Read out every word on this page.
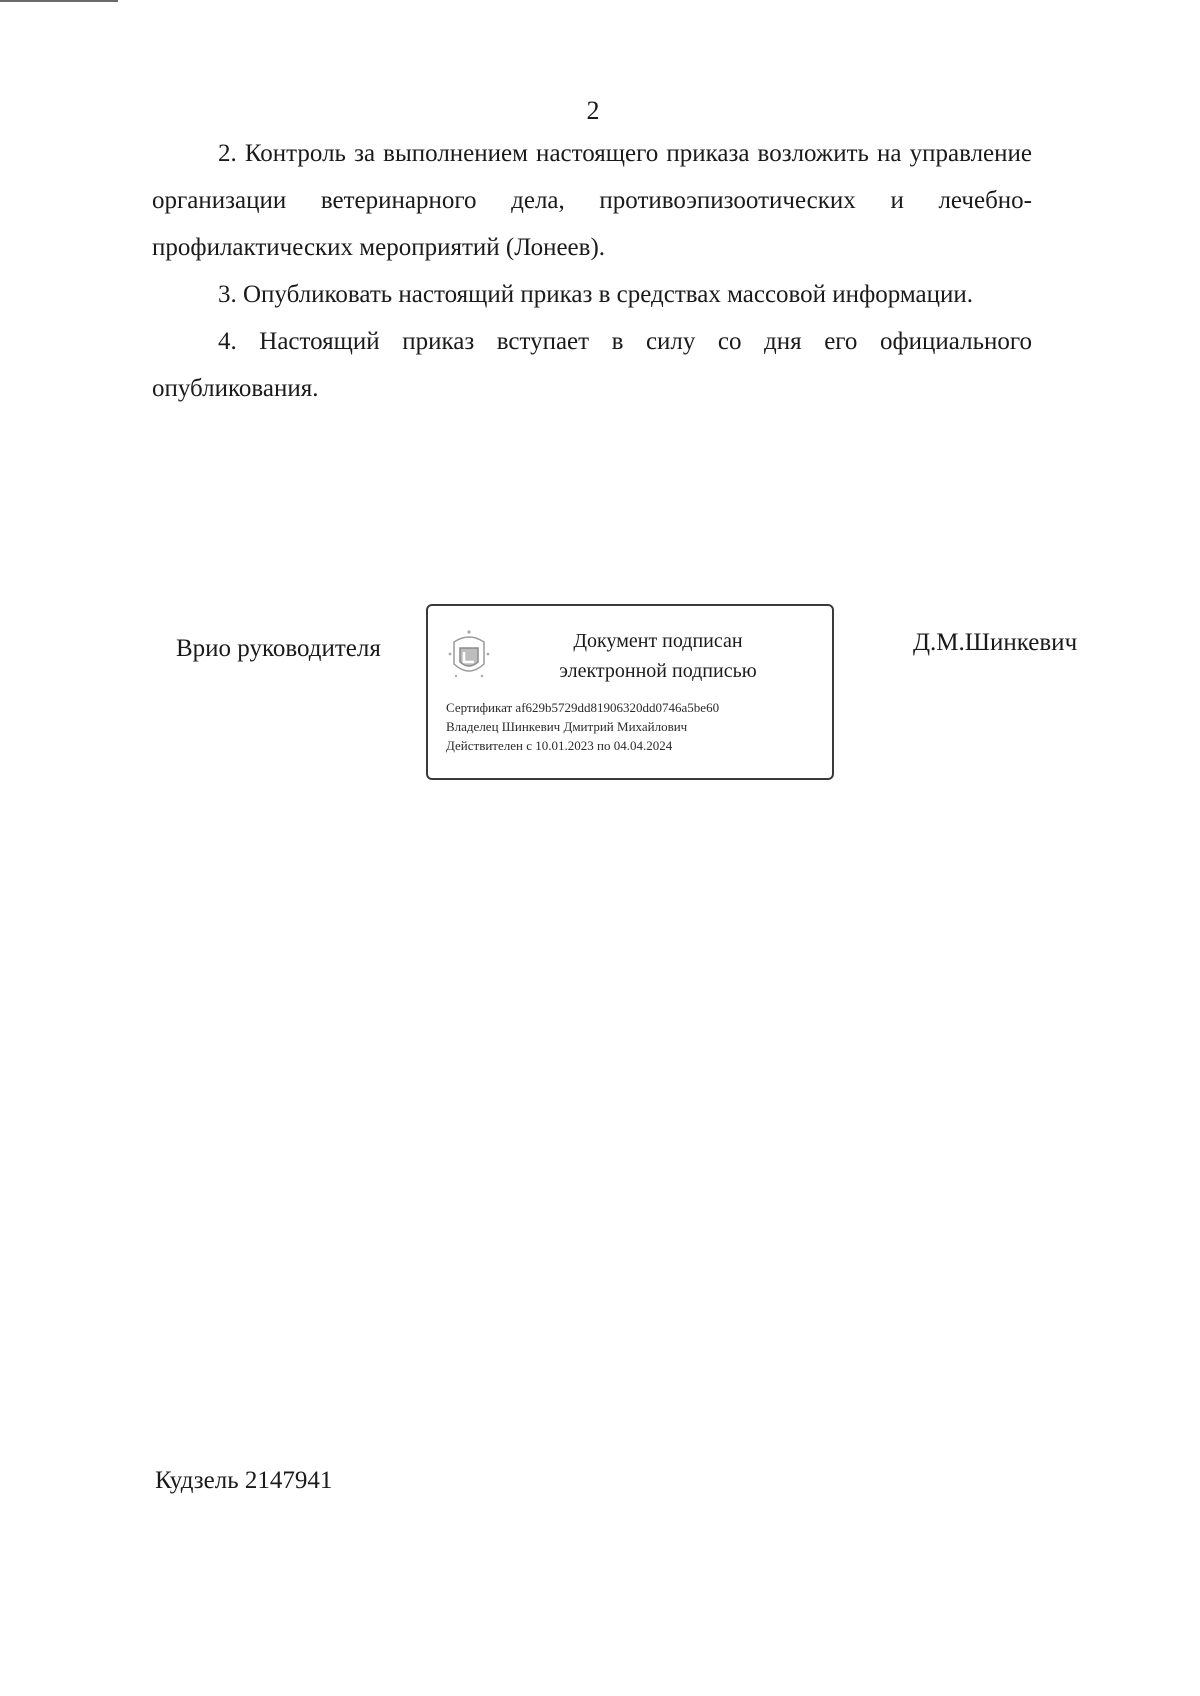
2

2. Контроль за выполнением настоящего приказа возложить на управление организации ветеринарного дела, противоэпизоотических и лечебно-профилактических мероприятий (Лонеев).

3. Опубликовать настоящий приказ в средствах массовой информации.

4. Настоящий приказ вступает в силу со дня его официального опубликования.

Врио руководителя	Документ подписан
электронной подписью
Сертификат af629b5729dd81906320dd0746a5be60
Владелец Шинкевич Дмитрий Михайлович
Действителен с 10.01.2023 по 04.04.2024
Д.М.Шинкевич
Кудзель 2147941
